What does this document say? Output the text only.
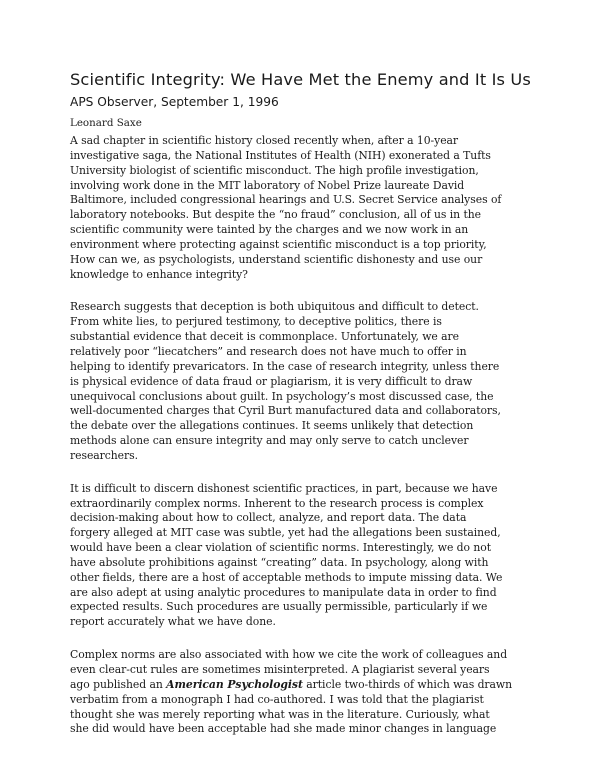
Scientific Integrity: We Have Met the Enemy and It Is Us
APS Observer, September 1, 1996
Leonard Saxe

A sad chapter in scientific history closed recently when, after a 10-year
investigative saga, the National Institutes of Health (NIH) exonerated a Tufts
University biologist of scientific misconduct. The high profile investigation,
involving work done in the MIT laboratory of Nobel Prize laureate David
Baltimore, included congressional hearings and U.S. Secret Service analyses of
laboratory notebooks. But despite the “no fraud” conclusion, all of us in the
scientific community were tainted by the charges and we now work in an
environment where protecting against scientific misconduct is a top priority,
How can we, as psychologists, understand scientific dishonesty and use our
knowledge to enhance integrity?

Research suggests that deception is both ubiquitous and difficult to detect.
From white lies, to perjured testimony, to deceptive politics, there is
substantial evidence that deceit is commonplace. Unfortunately, we are
relatively poor “liecatchers” and research does not have much to offer in
helping to identify prevaricators. In the case of research integrity, unless there
is physical evidence of data fraud or plagiarism, it is very difficult to draw
unequivocal conclusions about guilt. In psychology’s most discussed case, the
well-documented charges that Cyril Burt manufactured data and collaborators,
the debate over the allegations continues. It seems unlikely that detection
methods alone can ensure integrity and may only serve to catch unclever
researchers.

It is difficult to discern dishonest scientific practices, in part, because we have
extraordinarily complex norms. Inherent to the research process is complex
decision-making about how to collect, analyze, and report data. The data
forgery alleged at MIT case was subtle, yet had the allegations been sustained,
would have been a clear violation of scientific norms. Interestingly, we do not
have absolute prohibitions against “creating” data. In psychology, along with
other fields, there are a host of acceptable methods to impute missing data. We
are also adept at using analytic procedures to manipulate data in order to find
expected results. Such procedures are usually permissible, particularly if we
report accurately what we have done.

Complex norms are also associated with how we cite the work of colleagues and
even clear-cut rules are sometimes misinterpreted. A plagiarist several years
ago published an American Psychologist article two-thirds of which was drawn
verbatim from a monograph I had co-authored. I was told that the plagiarist
thought she was merely reporting what was in the literature. Curiously, what
she did would have been acceptable had she made minor changes in language
